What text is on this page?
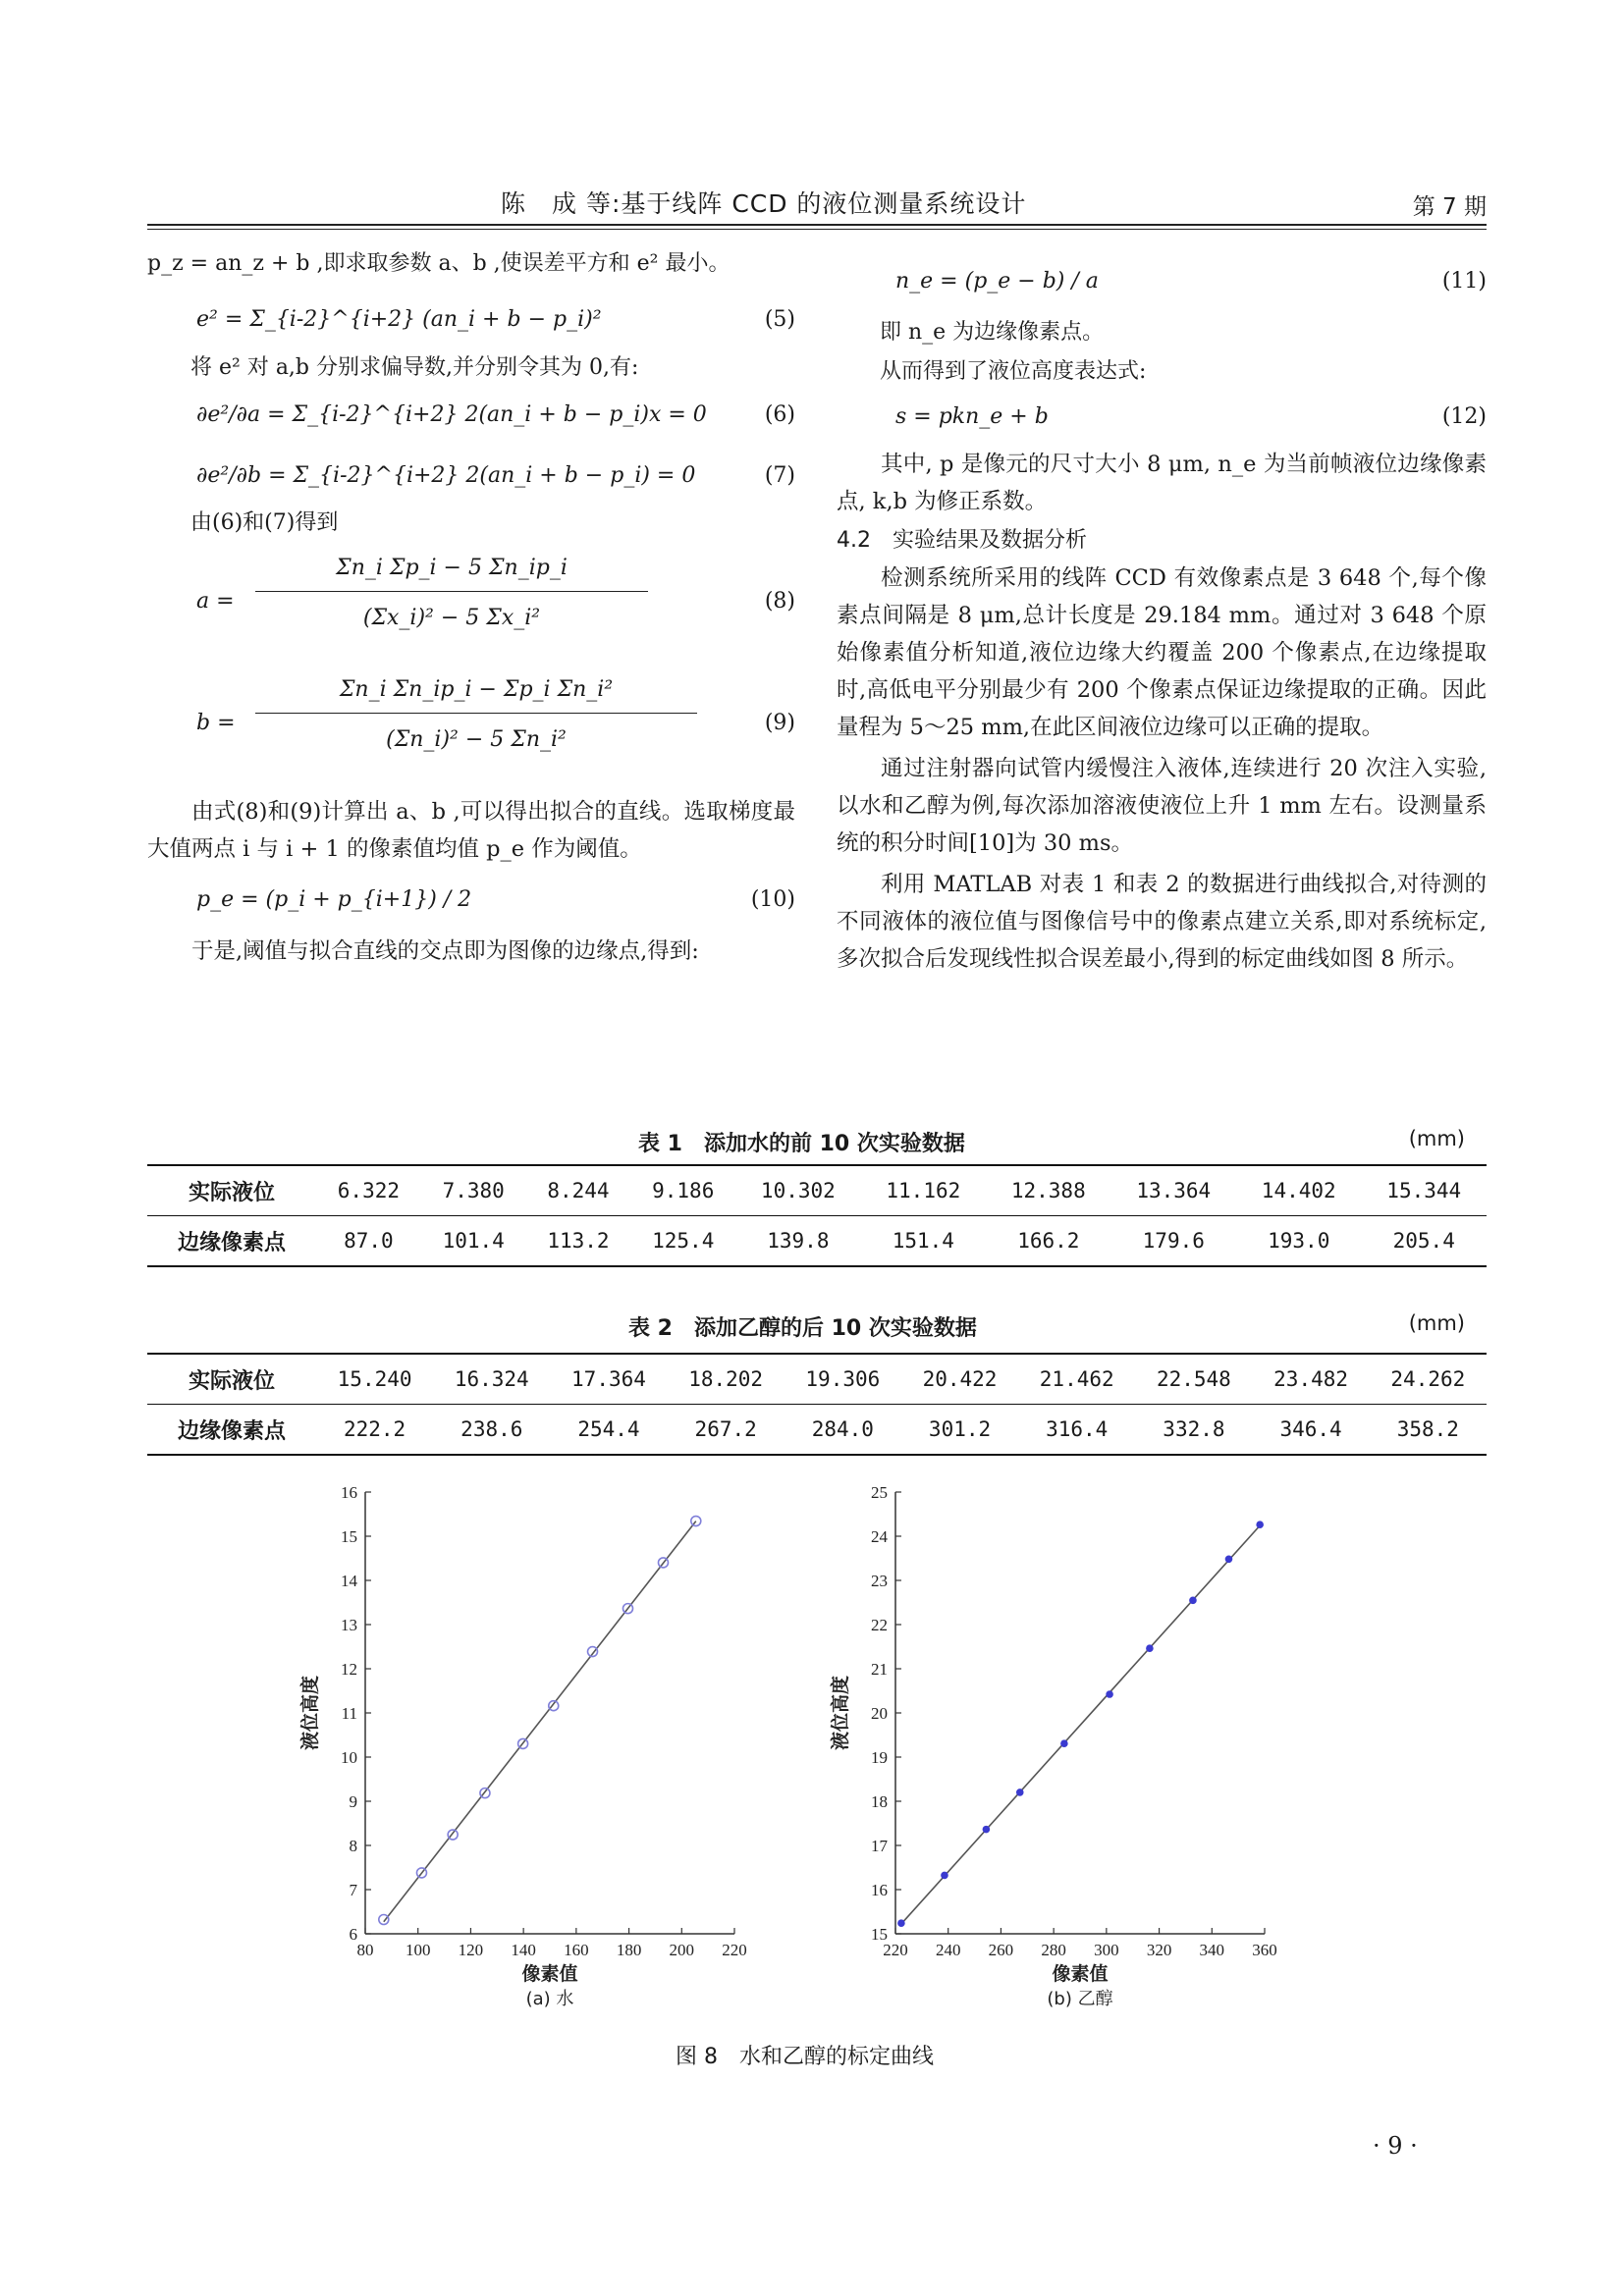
陈　成 等:基于线阵 CCD 的液位测量系统设计	第 7 期

p_z = an_z + b ,即求取参数 a、b ,使误差平方和 e² 最小。

e² = Σ_{i-2}^{i+2} (an_i + b − p_i)²	(5)

将 e² 对 a,b 分别求偏导数,并分别令其为 0,有:

∂e²/∂a = Σ_{i-2}^{i+2} 2(an_i + b − p_i)x = 0	(6)
∂e²/∂b = Σ_{i-2}^{i+2} 2(an_i + b − p_i) = 0	(7)

由(6)和(7)得到

$a = \frac{\text{Σn\_i Σp\_i − 5 Σn\_ip\_i}}{\text{(Σx\_i)² − 5 Σx\_i²}}$	(8)
$b = \frac{\text{Σn\_i Σn\_ip\_i − Σp\_i Σn\_i²}}{\text{(Σn\_i)² − 5 Σn\_i²}}$	(9)

由式(8)和(9)计算出 a、b ,可以得出拟合的直线。选取梯度最大值两点 i 与 i + 1 的像素值均值 p_e 作为阈值。

p_e = (p_i + p_{i+1}) / 2	(10)

于是,阈值与拟合直线的交点即为图像的边缘点,得到:

n_e = (p_e − b) / a	(11)

即 n_e 为边缘像素点。

从而得到了液位高度表达式:

s = pkn_e + b	(12)

其中, p 是像元的尺寸大小 8 μm, n_e 为当前帧液位边缘像素点, k,b 为修正系数。

4.2　实验结果及数据分析

检测系统所采用的线阵 CCD 有效像素点是 3 648 个,每个像素点间隔是 8 μm,总计长度是 29.184 mm。通过对 3 648 个原始像素值分析知道,液位边缘大约覆盖 200 个像素点,在边缘提取时,高低电平分别最少有 200 个像素点保证边缘提取的正确。因此量程为 5～25 mm,在此区间液位边缘可以正确的提取。

通过注射器向试管内缓慢注入液体,连续进行 20 次注入实验,以水和乙醇为例,每次添加溶液使液位上升 1 mm 左右。设测量系统的积分时间[10]为 30 ms。

利用 MATLAB 对表 1 和表 2 的数据进行曲线拟合,对待测的不同液体的液位值与图像信号中的像素点建立关系,即对系统标定,多次拟合后发现线性拟合误差最小,得到的标定曲线如图 8 所示。

表 1　添加水的前 10 次实验数据	(mm)
实际液位	6.322	7.380	8.244	9.186	10.302	11.162	12.388	13.364	14.402	15.344
边缘像素点	87.0	101.4	113.2	125.4	139.8	151.4	166.2	179.6	193.0	205.4
表 2　添加乙醇的后 10 次实验数据	(mm)
实际液位	15.240	16.324	17.364	18.202	19.306	20.422	21.462	22.548	23.482	24.262
边缘像素点	222.2	238.6	254.4	267.2	284.0	301.2	316.4	332.8	346.4	358.2
6
7
8
9
10
11
12
13
14
15
16
80 100 120 140 160 180 200 220
像素值
液位高度
(a) 水
15
16
17
18
19
20
21
22
23
24
25
220 240 260 280 300 320 340 360
像素值
液位高度
(b) 乙醇
图 8　水和乙醇的标定曲线
· 9 ·
